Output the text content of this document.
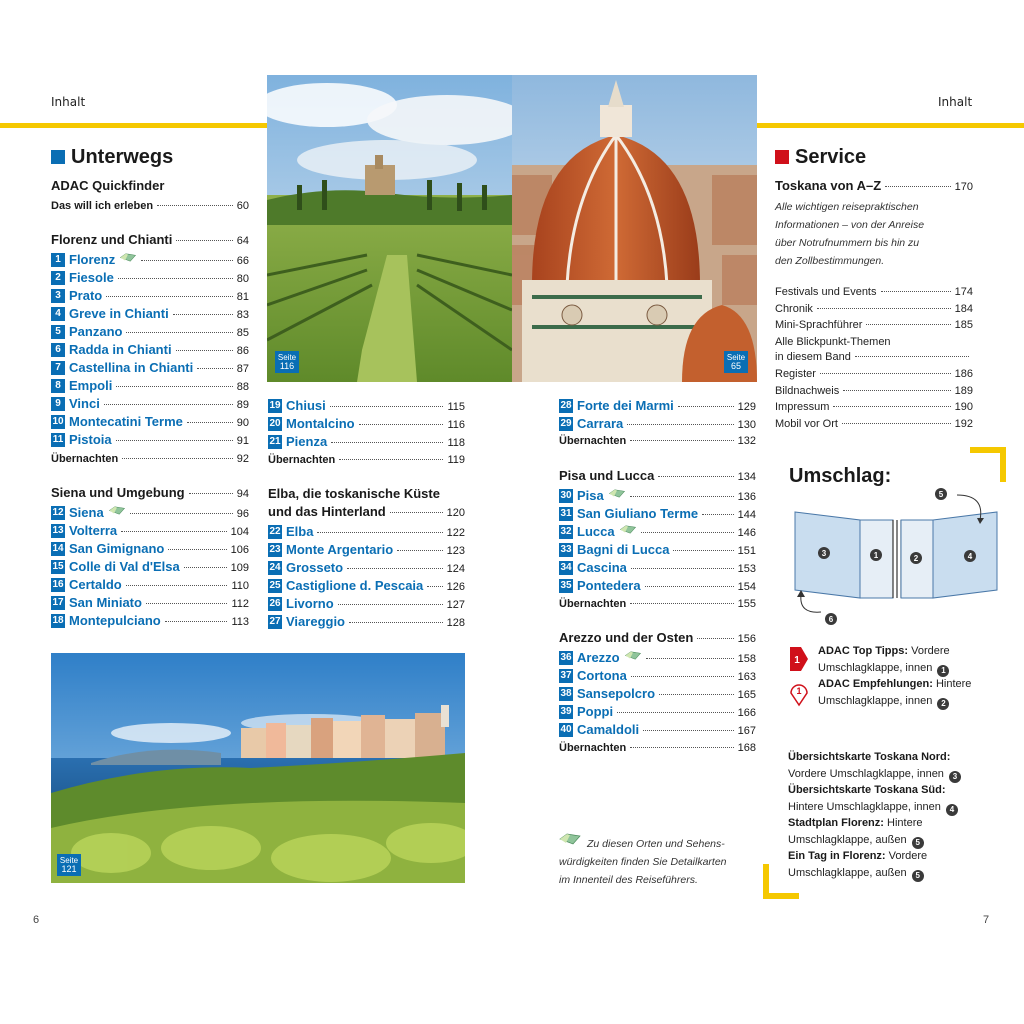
Inhalt	Inhalt
Seite
116
Seite
65
Unterwegs
ADAC Quickfinder
Das will ich erleben	60
Florenz und Chianti	64
1 Florenz	66
2 Fiesole	80
3 Prato	81
4 Greve in Chianti	83
5 Panzano	85
6 Radda in Chianti	86
7 Castellina in Chianti	87
8 Empoli	88
9 Vinci	89
10 Montecatini Terme	90
11 Pistoia	91
Übernachten	92
Siena und Umgebung	94
12 Siena	96
13 Volterra	104
14 San Gimignano	106
15 Colle di Val d'Elsa	109
16 Certaldo	110
17 San Miniato	112
18 Montepulciano	113
19 Chiusi	115
20 Montalcino	116
21 Pienza	118
Übernachten	119
Elba, die toskanische Küste
und das Hinterland	120
22 Elba	122
23 Monte Argentario	123
24 Grosseto	124
25 Castiglione d. Pescaia 126
26 Livorno	127
27 Viareggio	128
28 Forte dei Marmi	129
29 Carrara	130
Übernachten	132
Pisa und Lucca	134
30 Pisa	136
31 San Giuliano Terme	144
32 Lucca	146
33 Bagni di Lucca	151
34 Cascina	153
35 Pontedera	154
Übernachten	155
Arezzo und der Osten	156
36 Arezzo	158
37 Cortona	163
38 Sansepolcro	165
39 Poppi	166
40 Camaldoli	167
Übernachten	168
Seite
121
Zu diesen Orten und Sehens-
würdigkeiten finden Sie Detailkarten
im Innenteil des Reiseführers.
Service
Toskana von A–Z	170
Alle wichtigen reisepraktischen
Informationen – von der Anreise
über Notrufnummern bis hin zu
den Zollbestimmungen.
Festivals und Events	174
Chronik	184
Mini-Sprachführer	185
Alle Blickpunkt-Themen
in diesem Band
Register	186
Bildnachweis	189
Impressum	190
Mobil vor Ort	192
Umschlag:
3	1	2	4
5
6
1
ADAC Top Tipps: Vordere
Umschlagklappe, innen 1
1
ADAC Empfehlungen: Hintere
Umschlagklappe, innen 2
Übersichtskarte Toskana Nord:
Vordere Umschlagklappe, innen 3
Übersichtskarte Toskana Süd:
Hintere Umschlagklappe, innen 4
Stadtplan Florenz: Hintere
Umschlagklappe, außen 5
Ein Tag in Florenz: Vordere
Umschlagklappe, außen 5
6	7
